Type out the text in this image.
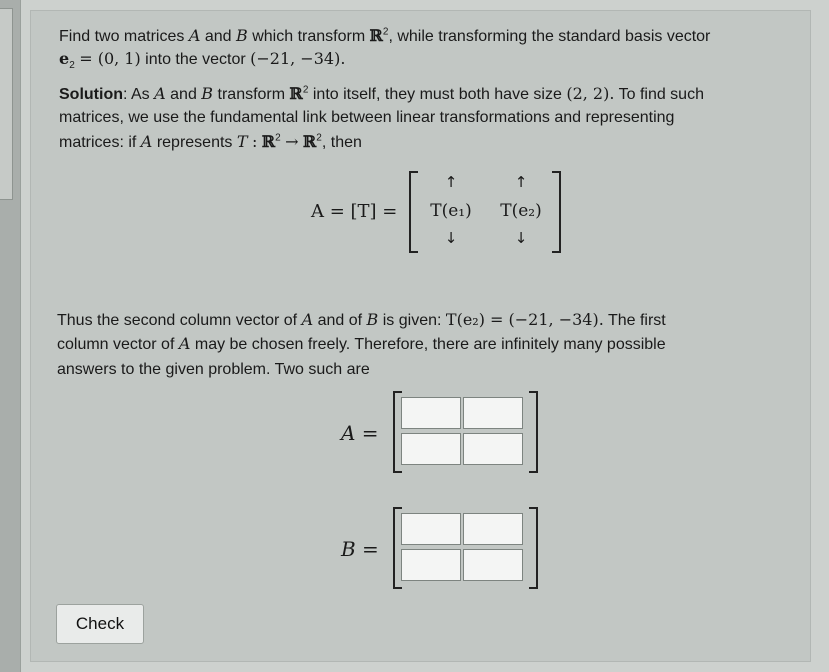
Find two matrices A and B which transform ℝ$^2$, while transforming the standard basis vector
$e_2 = (0$, 1) into the vector (−21, −34).
Solution: As A and B transform ℝ$^2$ into itself, they must both have size (2, 2). To find such
matrices, we use the fundamental link between linear transformations and representing
matrices: if A represents T : ℝ$^2$ → ℝ$^2$, then
A = [T] =
↑
T(e₁)
↓
↑
T(e₂)
↓
Thus the second column vector of A and of B is given: T(e₂) = (−21, −34). The first
column vector of A may be chosen freely. Therefore, there are infinitely many possible
answers to the given problem. Two such are
A =
B =
Check
